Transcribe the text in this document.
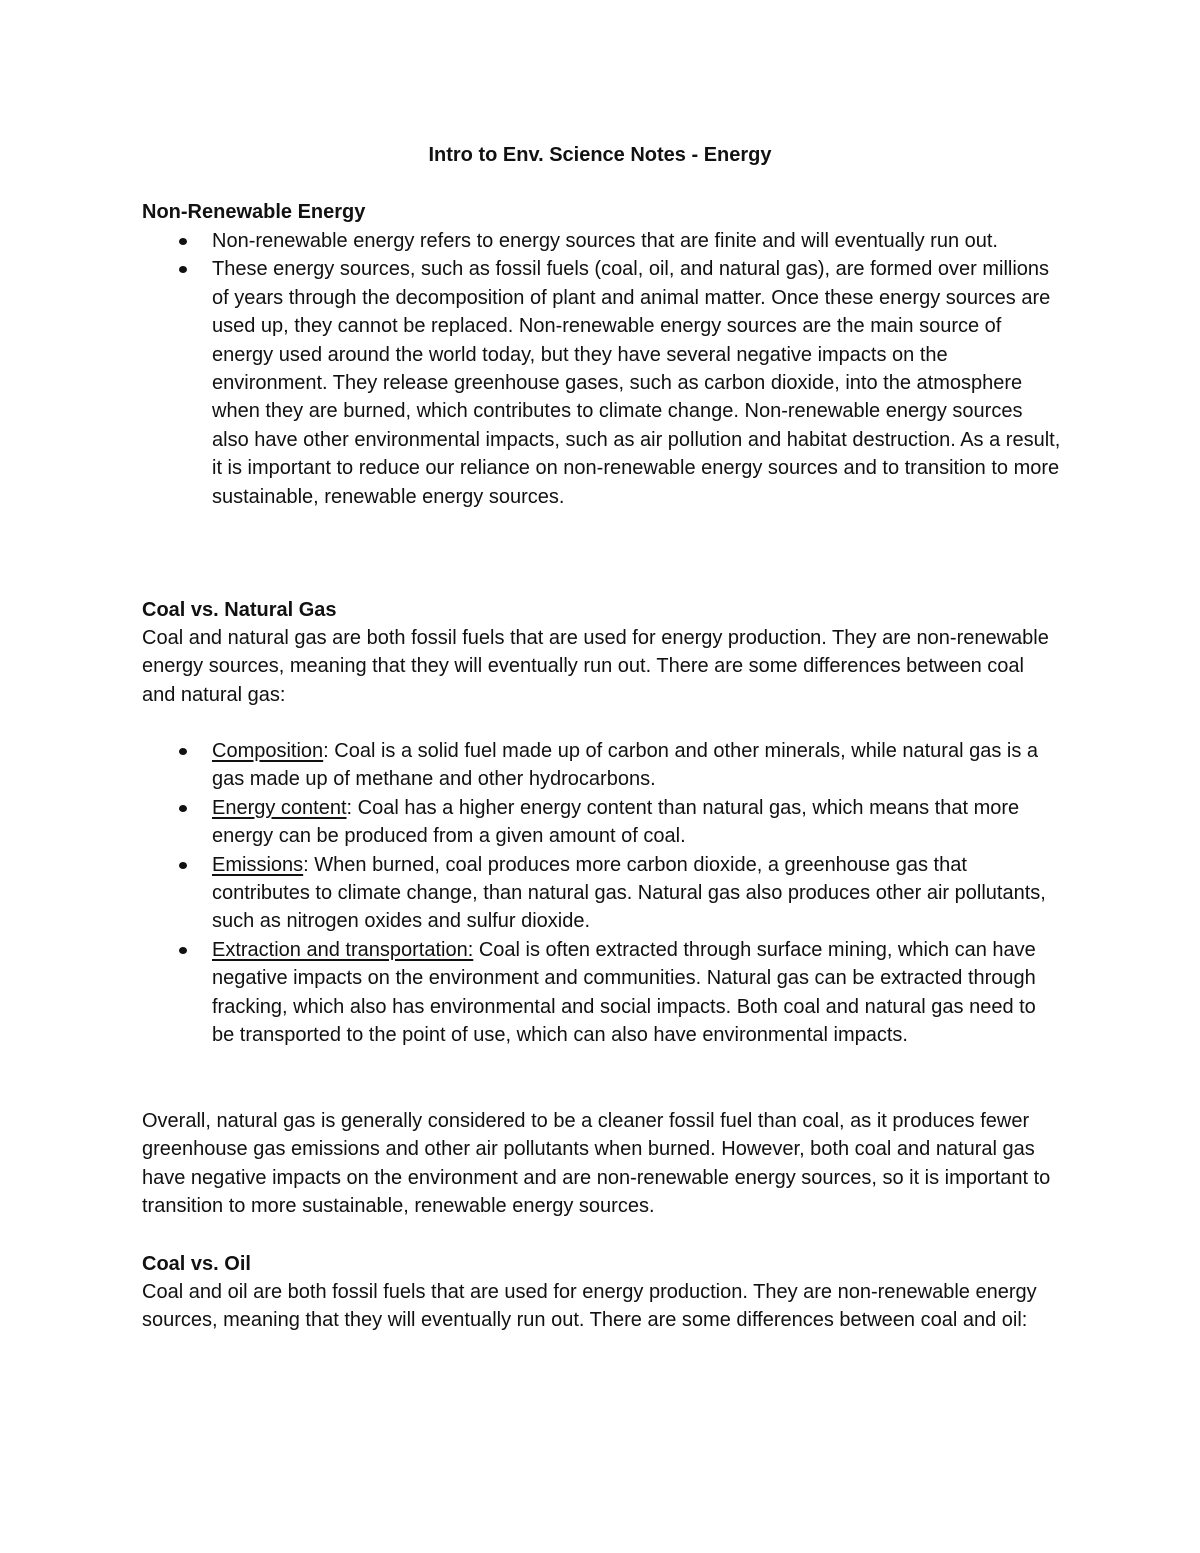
Intro to Env. Science Notes - Energy
Non-Renewable Energy
Non-renewable energy refers to energy sources that are finite and will eventually run out.
These energy sources, such as fossil fuels (coal, oil, and natural gas), are formed over millions of years through the decomposition of plant and animal matter. Once these energy sources are used up, they cannot be replaced. Non-renewable energy sources are the main source of energy used around the world today, but they have several negative impacts on the environment. They release greenhouse gases, such as carbon dioxide, into the atmosphere when they are burned, which contributes to climate change. Non-renewable energy sources also have other environmental impacts, such as air pollution and habitat destruction. As a result, it is important to reduce our reliance on non-renewable energy sources and to transition to more sustainable, renewable energy sources.
Coal vs. Natural Gas

Coal and natural gas are both fossil fuels that are used for energy production. They are non-renewable energy sources, meaning that they will eventually run out. There are some differences between coal and natural gas:

Composition: Coal is a solid fuel made up of carbon and other minerals, while natural gas is a gas made up of methane and other hydrocarbons.
Energy content: Coal has a higher energy content than natural gas, which means that more energy can be produced from a given amount of coal.
Emissions: When burned, coal produces more carbon dioxide, a greenhouse gas that contributes to climate change, than natural gas. Natural gas also produces other air pollutants, such as nitrogen oxides and sulfur dioxide.
Extraction and transportation: Coal is often extracted through surface mining, which can have negative impacts on the environment and communities. Natural gas can be extracted through fracking, which also has environmental and social impacts. Both coal and natural gas need to be transported to the point of use, which can also have environmental impacts.

Overall, natural gas is generally considered to be a cleaner fossil fuel than coal, as it produces fewer greenhouse gas emissions and other air pollutants when burned. However, both coal and natural gas have negative impacts on the environment and are non-renewable energy sources, so it is important to transition to more sustainable, renewable energy sources.

Coal vs. Oil

Coal and oil are both fossil fuels that are used for energy production. They are non-renewable energy sources, meaning that they will eventually run out. There are some differences between coal and oil:
